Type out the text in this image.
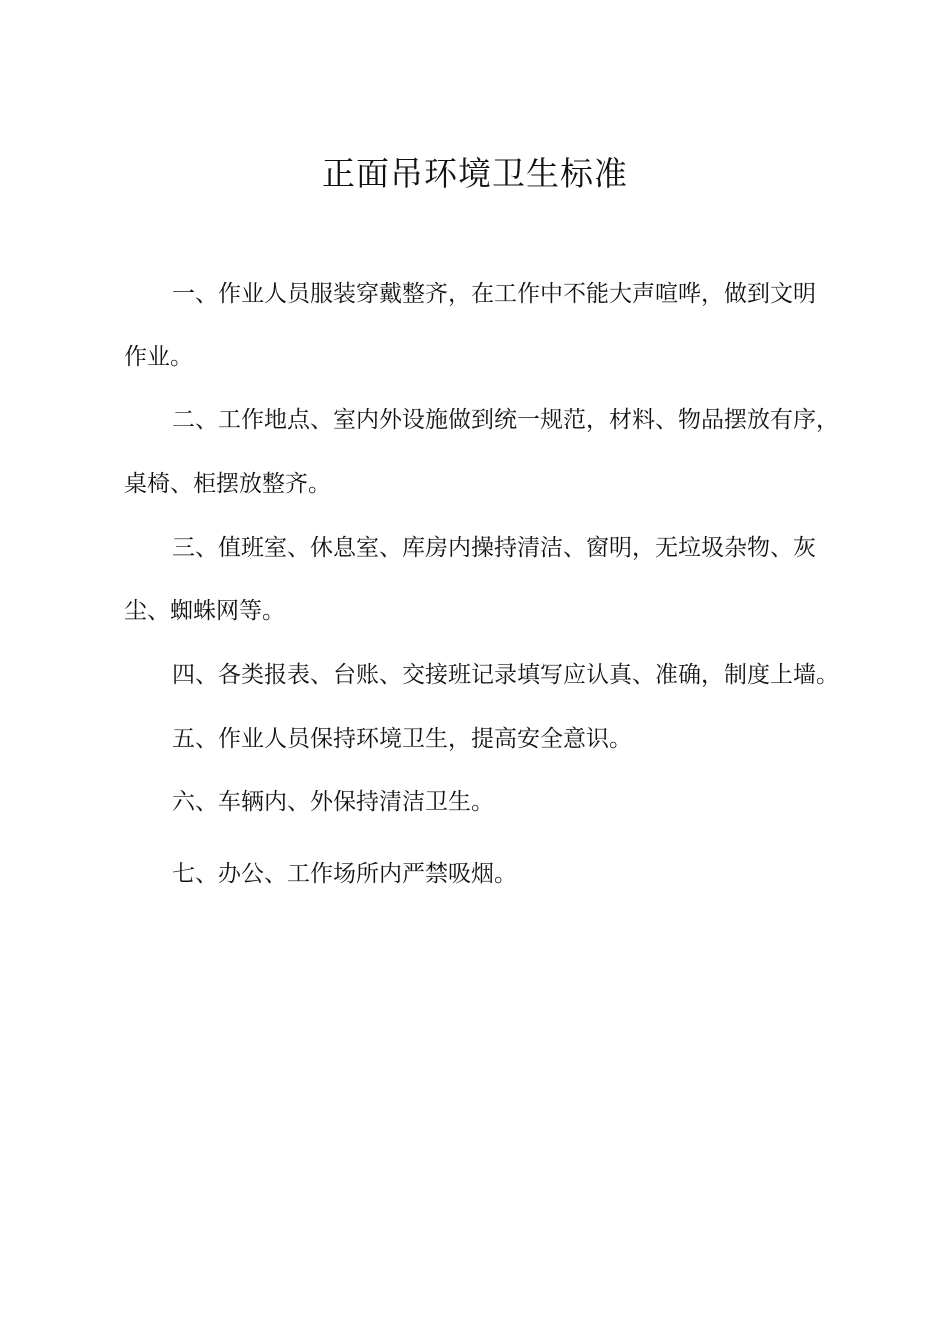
正面吊环境卫生标准
一、作业人员服装穿戴整齐，在工作中不能大声喧哗，做到文明
作业。
二、工作地点、室内外设施做到统一规范，材料、物品摆放有序，
桌椅、柜摆放整齐。
三、值班室、休息室、库房内操持清洁、窗明，无垃圾杂物、灰
尘、蜘蛛网等。
四、各类报表、台账、交接班记录填写应认真、准确，制度上墙。
五、作业人员保持环境卫生，提高安全意识。
六、车辆内、外保持清洁卫生。
七、办公、工作场所内严禁吸烟。
